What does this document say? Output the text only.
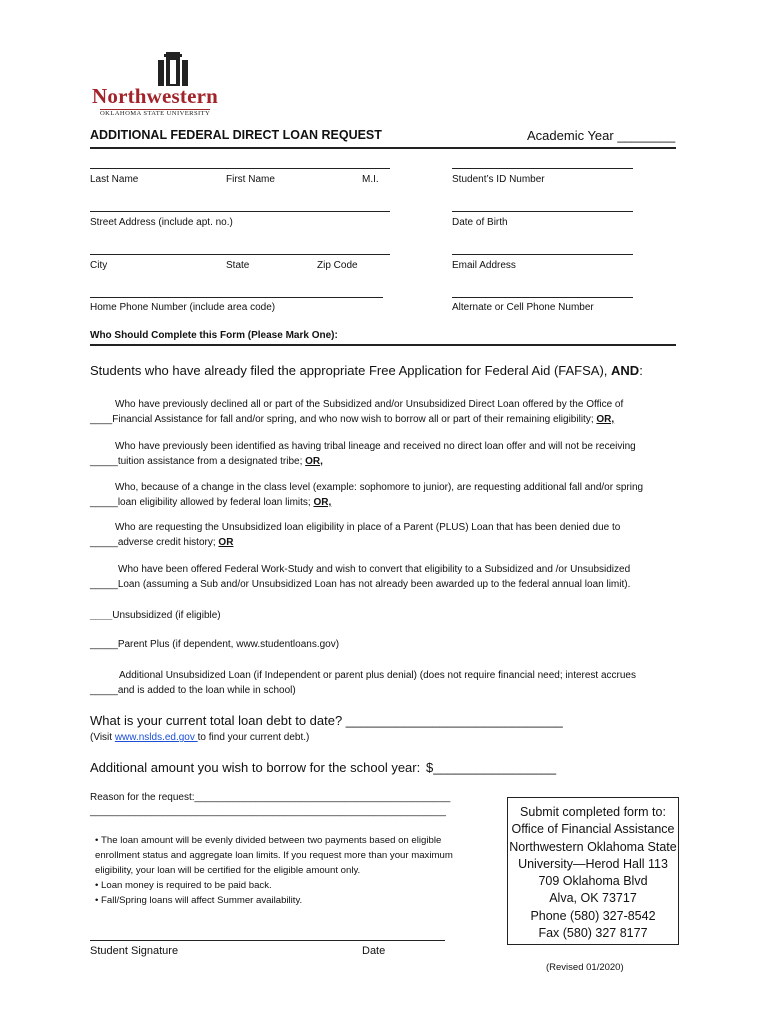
Northwestern
OKLAHOMA STATE UNIVERSITY
ADDITIONAL FEDERAL DIRECT LOAN REQUEST	Academic Year ________
Last Name	First Name	M.I.	Student’s ID Number
Street Address (include apt. no.)	Date of Birth
City	State	Zip Code	Email Address
Home Phone Number (include area code)	Alternate or Cell Phone Number
Who Should Complete this Form (Please Mark One):
Students who have already filed the appropriate Free Application for Federal Aid (FAFSA), AND:
Who have previously declined all or part of the Subsidized and/or Unsubsidized Direct Loan offered by the Office of
____Financial Assistance for fall and/or spring, and who now wish to borrow all or part of their remaining eligibility; OR,
Who have previously been identified as having tribal lineage and received no direct loan offer and will not be receiving
_____tuition assistance from a designated tribe; OR,
Who, because of a change in the class level (example: sophomore to junior), are requesting additional fall and/or spring
_____loan eligibility allowed by federal loan limits; OR,
Who are requesting the Unsubsidized loan eligibility in place of a Parent (PLUS) Loan that has been denied due to
_____adverse credit history; OR
Who have been offered Federal Work-Study and wish to convert that eligibility to a Subsidized and /or Unsubsidized
_____Loan (assuming a Sub and/or Unsubsidized Loan has not already been awarded up to the federal annual loan limit).
____Unsubsidized (if eligible)
_____Parent Plus (if dependent, www.studentloans.gov)
Additional Unsubsidized Loan (if Independent or parent plus denial) (does not require financial need; interest accrues
_____and is added to the loan while in school)
What is your current total loan debt to date? ______________________________
(Visit www.nslds.ed.gov to find your current debt.)
Additional amount you wish to borrow for the school year: $_________________
Reason for the request:______________________________________________
________________________________________________________________
• The loan amount will be evenly divided between two payments based on eligible
enrollment status and aggregate loan limits. If you request more than your maximum
eligibility, your loan will be certified for the eligible amount only.
• Loan money is required to be paid back.
• Fall/Spring loans will affect Summer availability.
Submit completed form to:
Office of Financial Assistance
Northwestern Oklahoma State
University—Herod Hall 113
709 Oklahoma Blvd
Alva, OK 73717
Phone (580) 327-8542
Fax (580) 327 8177
Student Signature	Date
(Revised 01/2020)
